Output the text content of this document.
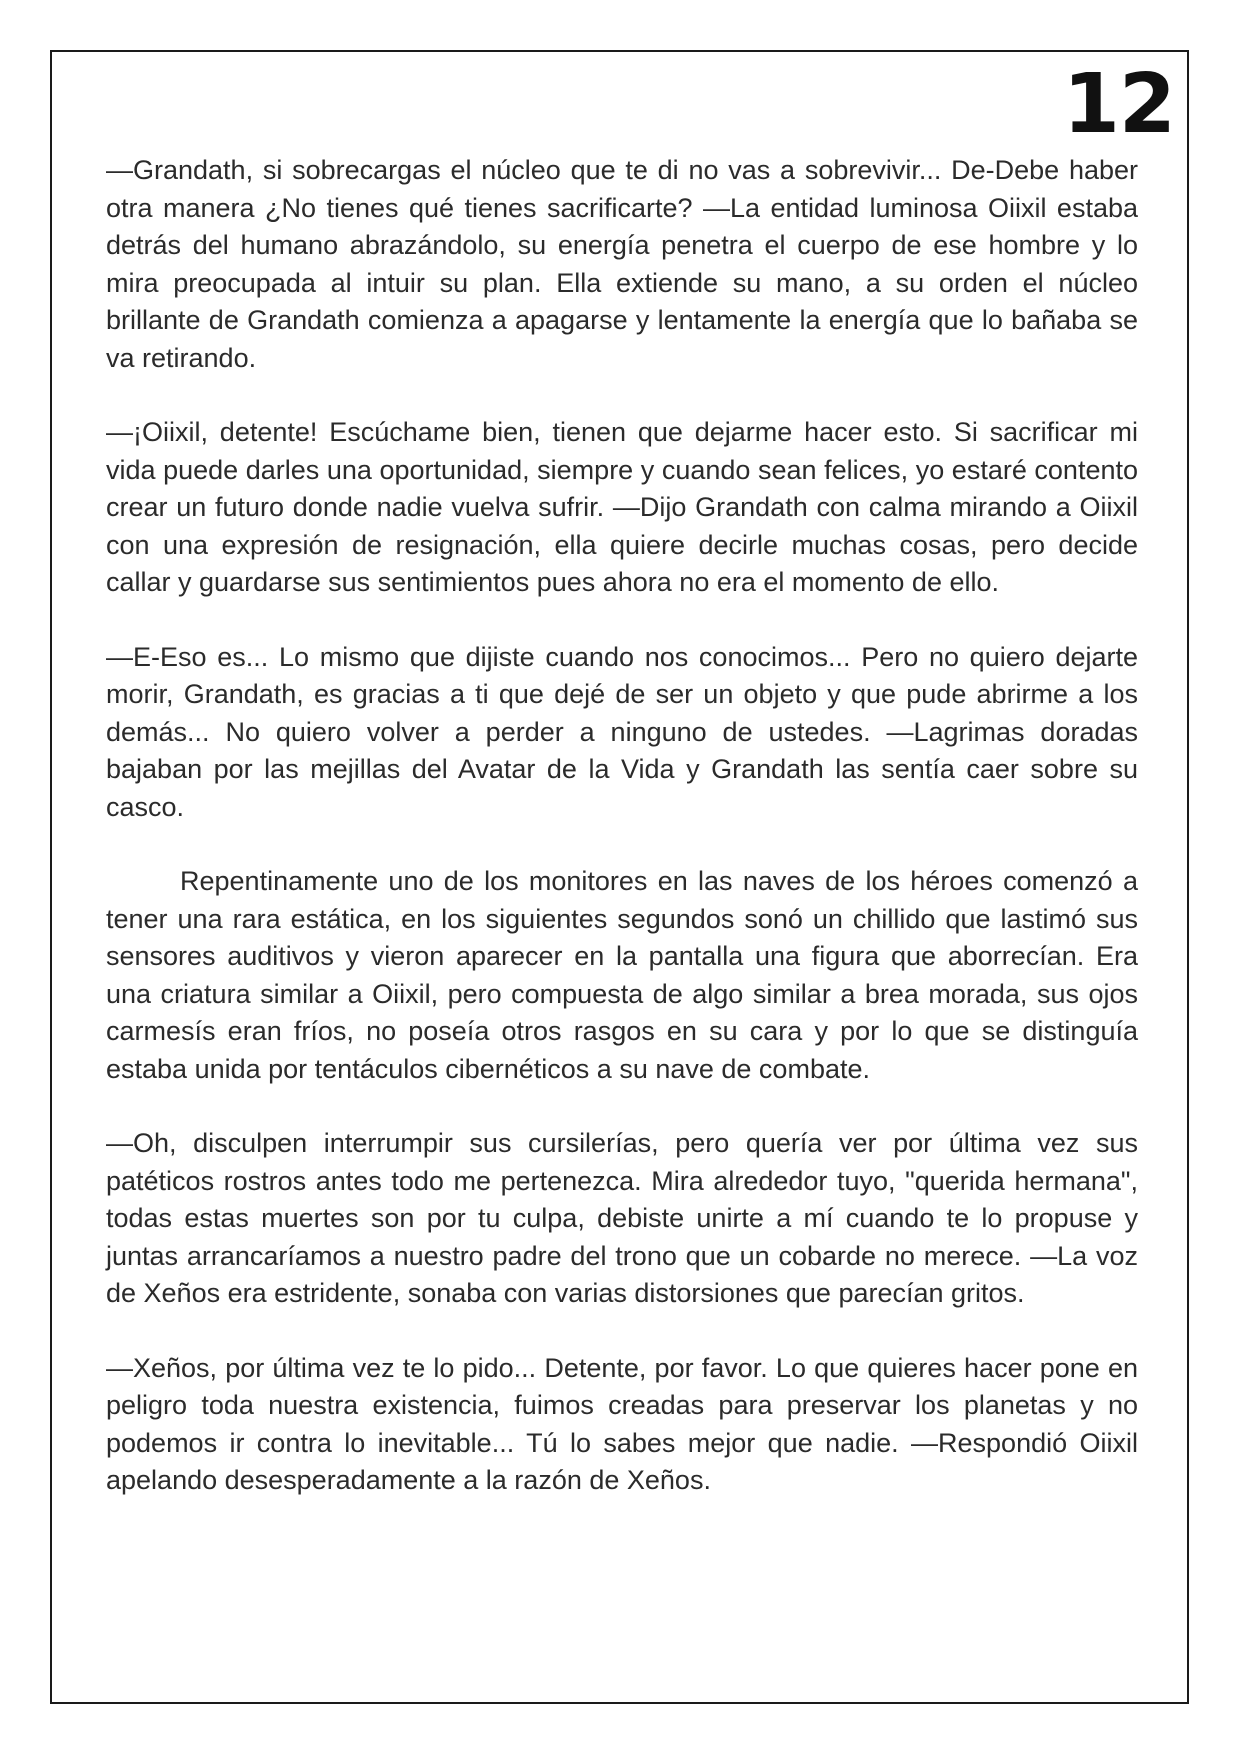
12

—Grandath, si sobrecargas el núcleo que te di no vas a sobrevivir... De-Debe haber otra manera ¿No tienes qué tienes sacrificarte? —La entidad luminosa Oiixil estaba detrás del humano abrazándolo, su energía penetra el cuerpo de ese hombre y lo mira preocupada al intuir su plan. Ella extiende su mano, a su orden el núcleo brillante de Grandath comienza a apagarse y lentamente la energía que lo bañaba se va retirando.

—¡Oiixil, detente! Escúchame bien, tienen que dejarme hacer esto. Si sacrificar mi vida puede darles una oportunidad, siempre y cuando sean felices, yo estaré contento crear un futuro donde nadie vuelva sufrir. —Dijo Grandath con calma mirando a Oiixil con una expresión de resignación, ella quiere decirle muchas cosas, pero decide callar y guardarse sus sentimientos pues ahora no era el momento de ello.

—E-Eso es... Lo mismo que dijiste cuando nos conocimos... Pero no quiero dejarte morir, Grandath, es gracias a ti que dejé de ser un objeto y que pude abrirme a los demás... No quiero volver a perder a ninguno de ustedes. —Lagrimas doradas bajaban por las mejillas del Avatar de la Vida y Grandath las sentía caer sobre su casco.

Repentinamente uno de los monitores en las naves de los héroes comenzó a tener una rara estática, en los siguientes segundos sonó un chillido que lastimó sus sensores auditivos y vieron aparecer en la pantalla una figura que aborrecían. Era una criatura similar a Oiixil, pero compuesta de algo similar a brea morada, sus ojos carmesís eran fríos, no poseía otros rasgos en su cara y por lo que se distinguía estaba unida por tentáculos cibernéticos a su nave de combate.

—Oh, disculpen interrumpir sus cursilerías, pero quería ver por última vez sus patéticos rostros antes todo me pertenezca. Mira alrededor tuyo, "querida hermana", todas estas muertes son por tu culpa, debiste unirte a mí cuando te lo propuse y juntas arrancaríamos a nuestro padre del trono que un cobarde no merece. —La voz de Xeños era estridente, sonaba con varias distorsiones que parecían gritos.

—Xeños, por última vez te lo pido... Detente, por favor. Lo que quieres hacer pone en peligro toda nuestra existencia, fuimos creadas para preservar los planetas y no podemos ir contra lo inevitable... Tú lo sabes mejor que nadie. —Respondió Oiixil apelando desesperadamente a la razón de Xeños.
